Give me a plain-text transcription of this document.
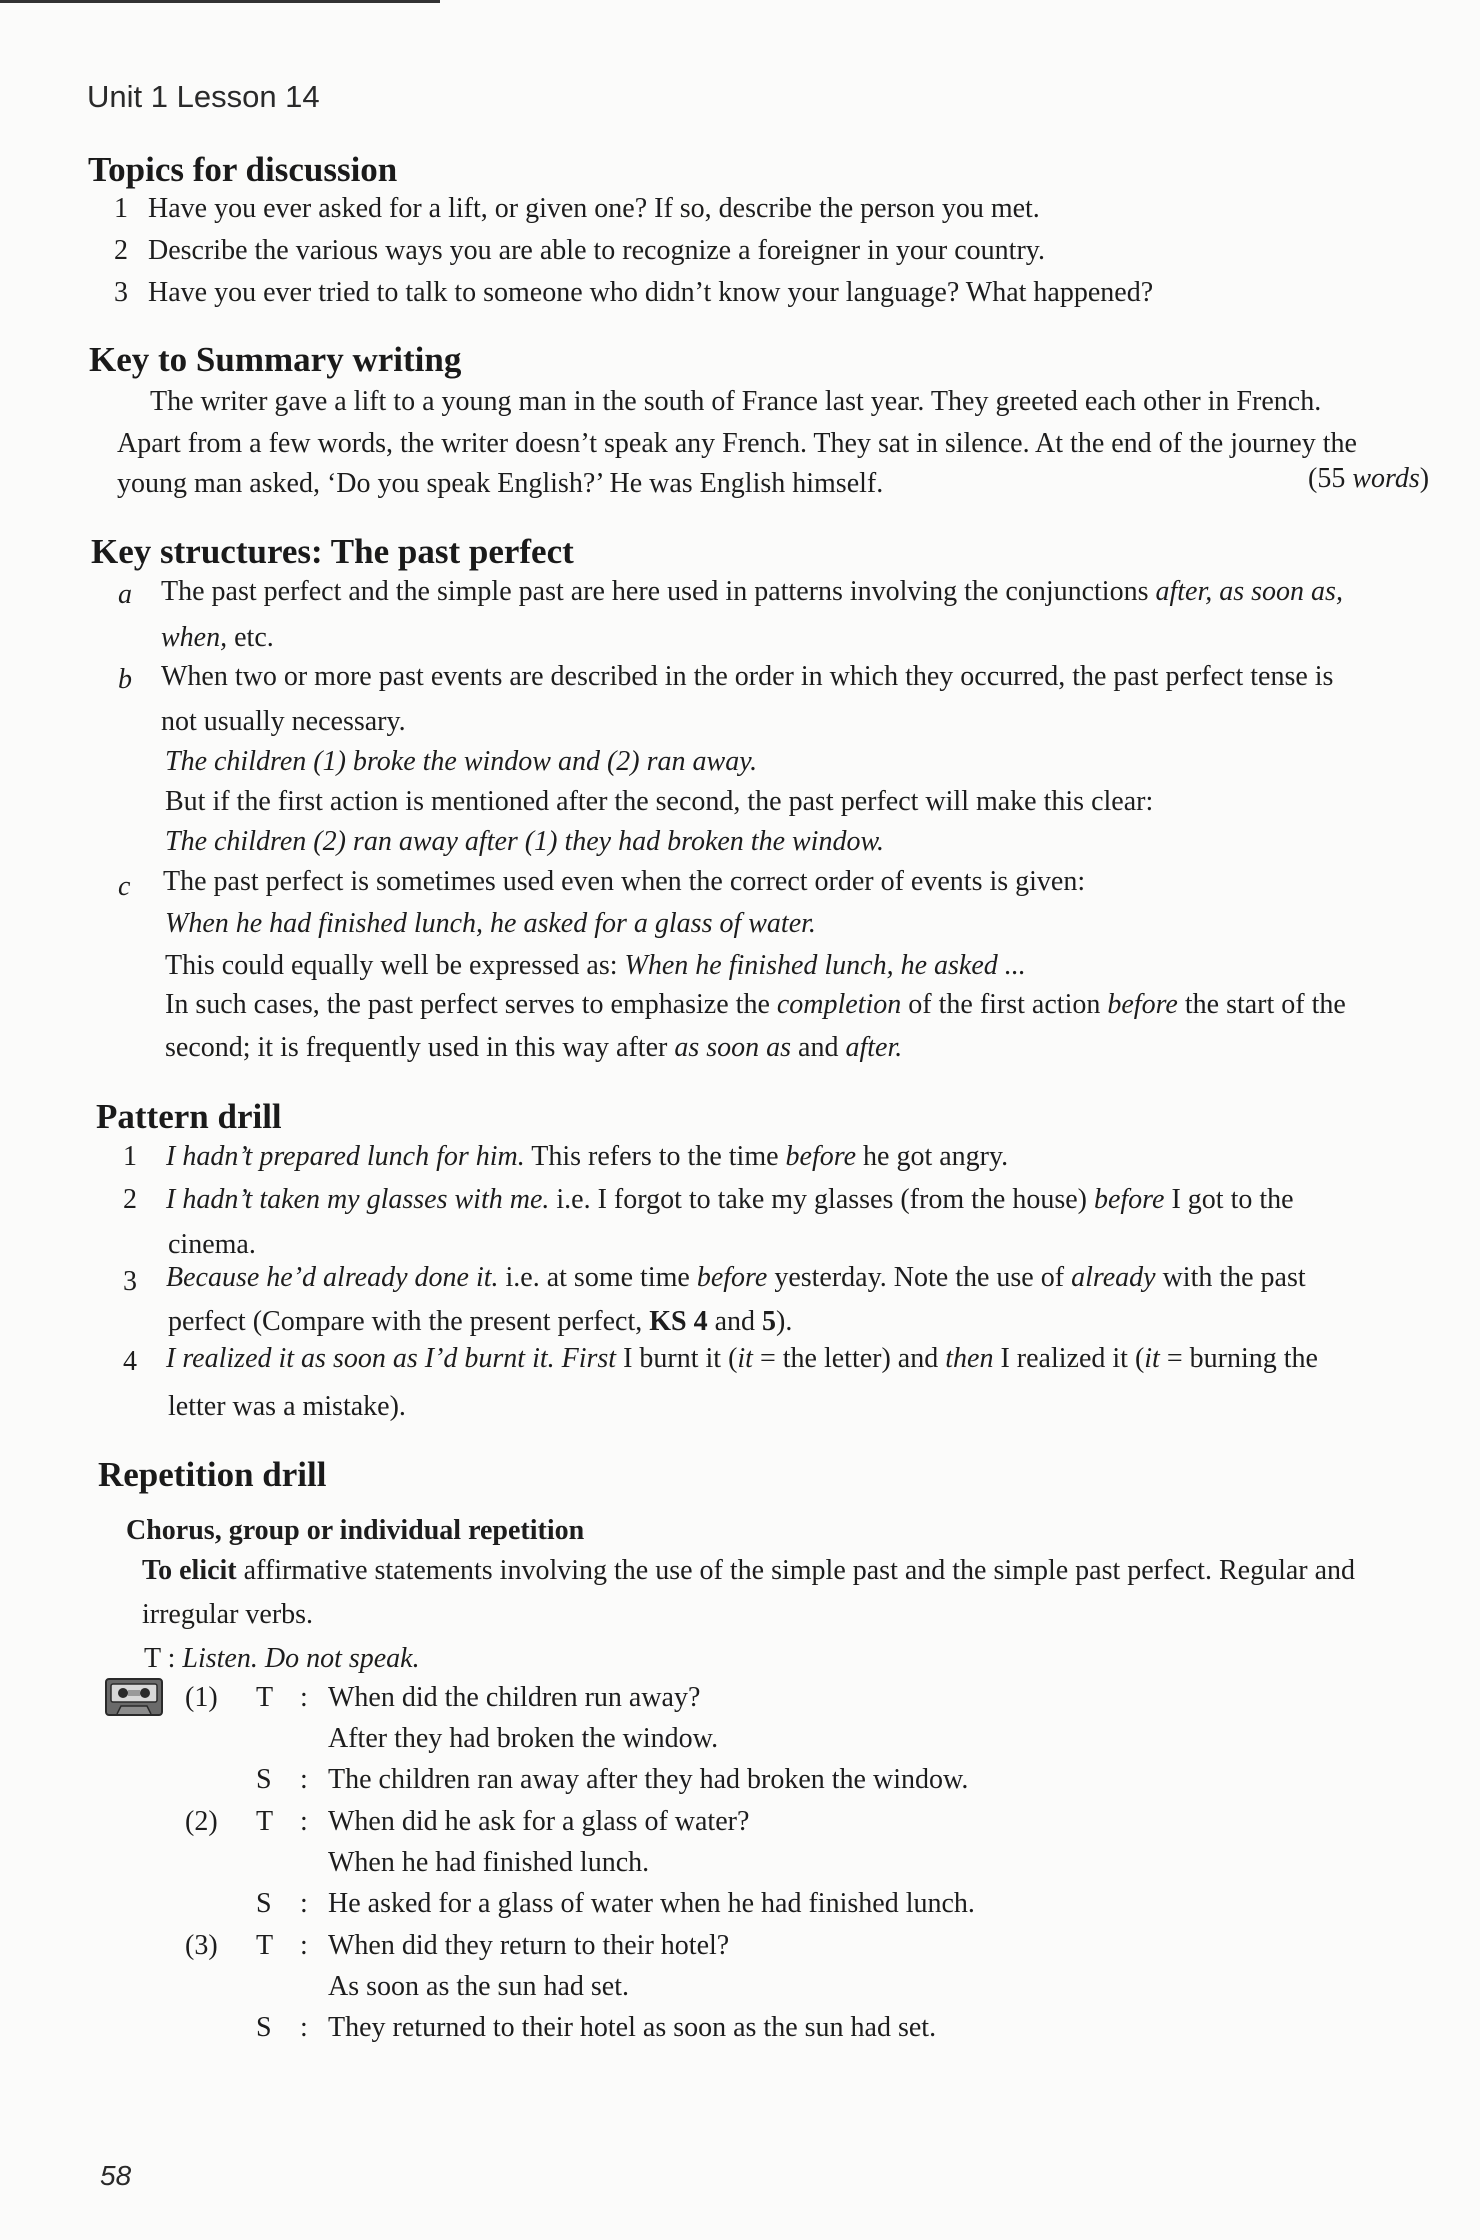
Unit 1 Lesson 14
Topics for discussion
1 Have you ever asked for a lift, or given one? If so, describe the person you met.
2 Describe the various ways you are able to recognize a foreigner in your country.
3 Have you ever tried to talk to someone who didn’t know your language? What happened?
Key to Summary writing
The writer gave a lift to a young man in the south of France last year. They greeted each other in French.
Apart from a few words, the writer doesn’t speak any French. They sat in silence. At the end of the journey the
young man asked, ‘Do you speak English?’ He was English himself.	(55 words)
Key structures: The past perfect
a The past perfect and the simple past are here used in patterns involving the conjunctions after, as soon as,
when, etc.
b When two or more past events are described in the order in which they occurred, the past perfect tense is
not usually necessary.
The children (1) broke the window and (2) ran away.
But if the first action is mentioned after the second, the past perfect will make this clear:
The children (2) ran away after (1) they had broken the window.
c The past perfect is sometimes used even when the correct order of events is given:
When he had finished lunch, he asked for a glass of water.
This could equally well be expressed as: When he finished lunch, he asked ...
In such cases, the past perfect serves to emphasize the completion of the first action before the start of the
second; it is frequently used in this way after as soon as and after.
Pattern drill
1 I hadn’t prepared lunch for him. This refers to the time before he got angry.
2 I hadn’t taken my glasses with me. i.e. I forgot to take my glasses (from the house) before I got to the
cinema.
3 Because he’d already done it. i.e. at some time before yesterday. Note the use of already with the past
perfect (Compare with the present perfect, KS 4 and 5).
4 I realized it as soon as I’d burnt it. First I burnt it (it = the letter) and then I realized it (it = burning the
letter was a mistake).
Repetition drill
Chorus, group or individual repetition
To elicit affirmative statements involving the use of the simple past and the simple past perfect. Regular and
irregular verbs.
T : Listen. Do not speak.
(1) T : When did the children run away?
After they had broken the window.
S : The children ran away after they had broken the window.
(2) T : When did he ask for a glass of water?
When he had finished lunch.
S : He asked for a glass of water when he had finished lunch.
(3) T : When did they return to their hotel?
As soon as the sun had set.
S : They returned to their hotel as soon as the sun had set.
58
